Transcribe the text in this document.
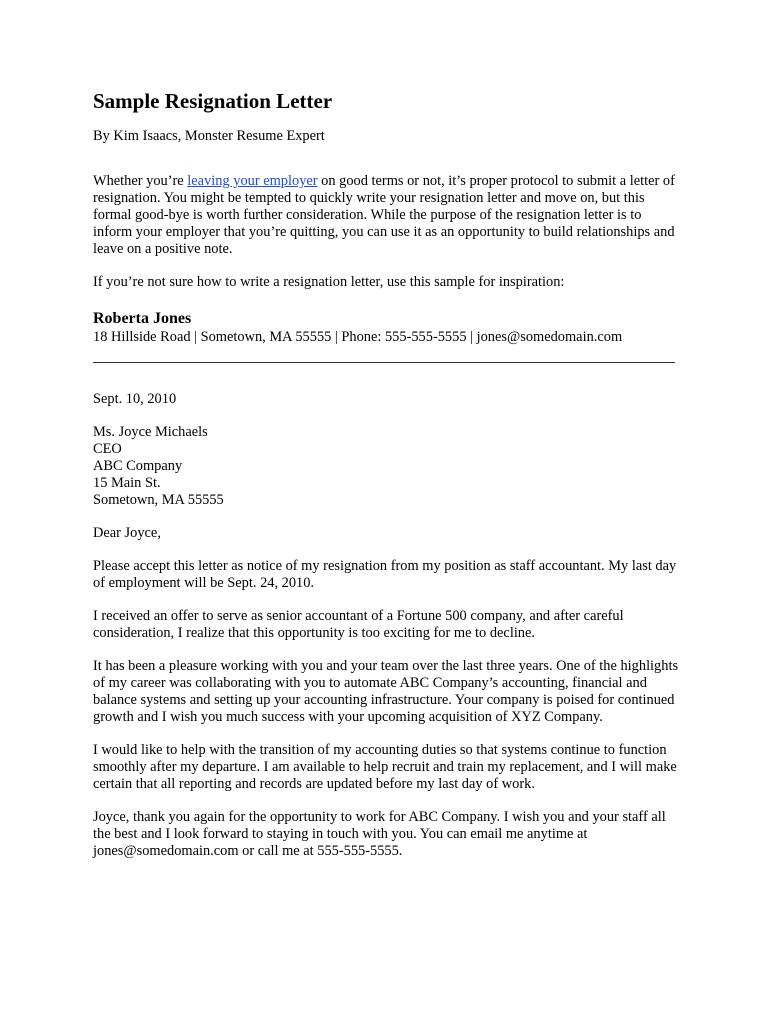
Sample Resignation Letter

By Kim Isaacs, Monster Resume Expert

Whether you’re leaving your employer on good terms or not, it’s proper protocol to submit a letter of resignation. You might be tempted to quickly write your resignation letter and move on, but this formal good-bye is worth further consideration. While the purpose of the resignation letter is to inform your employer that you’re quitting, you can use it as an opportunity to build relationships and leave on a positive note.

If you’re not sure how to write a resignation letter, use this sample for inspiration:

Roberta Jones

18 Hillside Road | Sometown, MA 55555 | Phone: 555-555-5555 | jones@somedomain.com

Sept. 10, 2010

Ms. Joyce Michaels
CEO
ABC Company
15 Main St.
Sometown, MA 55555

Dear Joyce,

Please accept this letter as notice of my resignation from my position as staff accountant. My last day of employment will be Sept. 24, 2010.

I received an offer to serve as senior accountant of a Fortune 500 company, and after careful consideration, I realize that this opportunity is too exciting for me to decline.

It has been a pleasure working with you and your team over the last three years. One of the highlights of my career was collaborating with you to automate ABC Company’s accounting, financial and balance systems and setting up your accounting infrastructure. Your company is poised for continued growth and I wish you much success with your upcoming acquisition of XYZ Company.

I would like to help with the transition of my accounting duties so that systems continue to function smoothly after my departure. I am available to help recruit and train my replacement, and I will make certain that all reporting and records are updated before my last day of work.

Joyce, thank you again for the opportunity to work for ABC Company. I wish you and your staff all the best and I look forward to staying in touch with you. You can email me anytime at jones@somedomain.com or call me at 555-555-5555.
